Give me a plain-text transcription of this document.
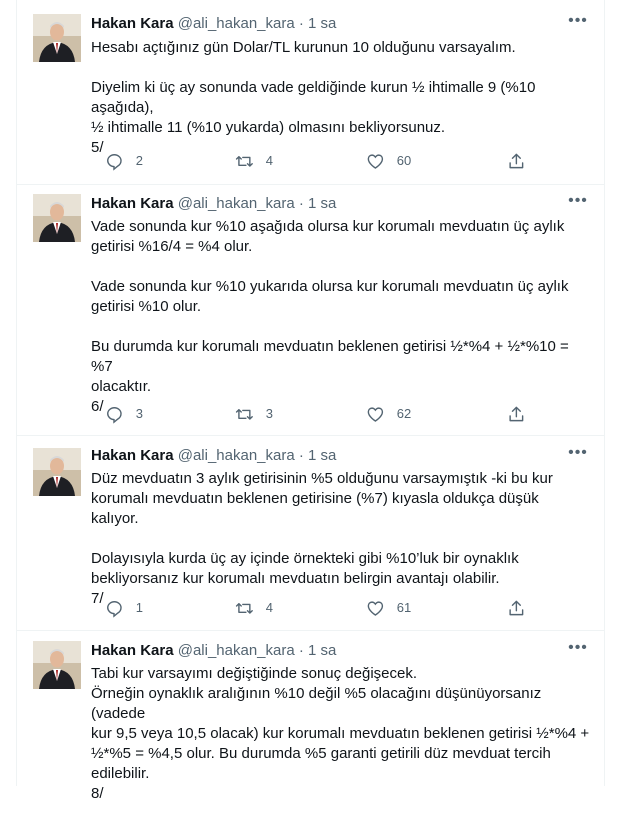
Hakan Kara @ali_hakan_kara · 1 sa	•••

Hesabı açtığınız gün Dolar/TL kurunun 10 olduğunu varsayalım.

Diyelim ki üç ay sonunda vade geldiğinde kurun ½ ihtimalle 9 (%10 aşağıda),

½ ihtimalle 11 (%10 yukarda) olmasını bekliyorsunuz.

5/

2	4	60
Hakan Kara @ali_hakan_kara · 1 sa	•••

Vade sonunda kur %10 aşağıda olursa kur korumalı mevduatın üç aylık

getirisi %16/4 = %4 olur.

Vade sonunda kur %10 yukarıda olursa kur korumalı mevduatın üç aylık

getirisi %10 olur.

Bu durumda kur korumalı mevduatın beklenen getirisi ½*%4 + ½*%10 = %7

olacaktır.

6/	3	3	62
Hakan Kara @ali_hakan_kara · 1 sa	•••

Düz mevduatın 3 aylık getirisinin %5 olduğunu varsaymıştık -ki bu kur

korumalı mevduatın beklenen getirisine (%7) kıyasla oldukça düşük kalıyor.

Dolayısıyla kurda üç ay içinde örnekteki gibi %10’luk bir oynaklık

bekliyorsanız kur korumalı mevduatın belirgin avantajı olabilir.

7/

1	4	61
Hakan Kara @ali_hakan_kara · 1 sa	•••

Tabi kur varsayımı değiştiğinde sonuç değişecek.

Örneğin oynaklık aralığının %10 değil %5 olacağını düşünüyorsanız (vadede

kur 9,5 veya 10,5 olacak) kur korumalı mevduatın beklenen getirisi ½*%4 +

½*%5 = %4,5 olur. Bu durumda %5 garanti getirili düz mevduat tercih

edilebilir.

8/
